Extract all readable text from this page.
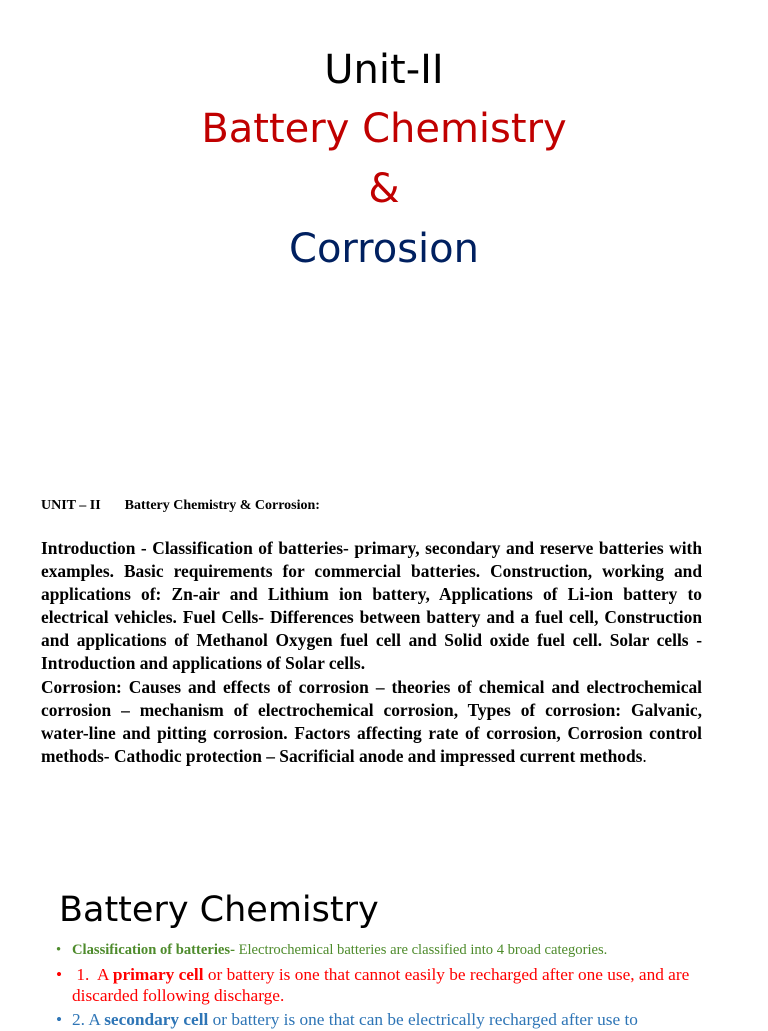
Unit-II
Battery Chemistry
&
Corrosion
UNIT – II Battery Chemistry & Corrosion:

Introduction - Classification of batteries- primary, secondary and reserve batteries with examples. Basic requirements for commercial batteries. Construction, working and applications of: Zn-air and Lithium ion battery, Applications of Li-ion battery to electrical vehicles. Fuel Cells- Differences between battery and a fuel cell, Construction and applications of Methanol Oxygen fuel cell and Solid oxide fuel cell. Solar cells - Introduction and applications of Solar cells.

Corrosion: Causes and effects of corrosion – theories of chemical and electrochemical corrosion – mechanism of electrochemical corrosion, Types of corrosion: Galvanic, water-line and pitting corrosion. Factors affecting rate of corrosion, Corrosion control methods- Cathodic protection – Sacrificial anode and impressed current methods.

Battery Chemistry
• Classification of batteries- Electrochemical batteries are classified into 4 broad categories.
• 1.  A primary cell or battery is one that cannot easily be recharged after one use, and are discarded following discharge.
• 2. A secondary cell or battery is one that can be electrically recharged after use to
